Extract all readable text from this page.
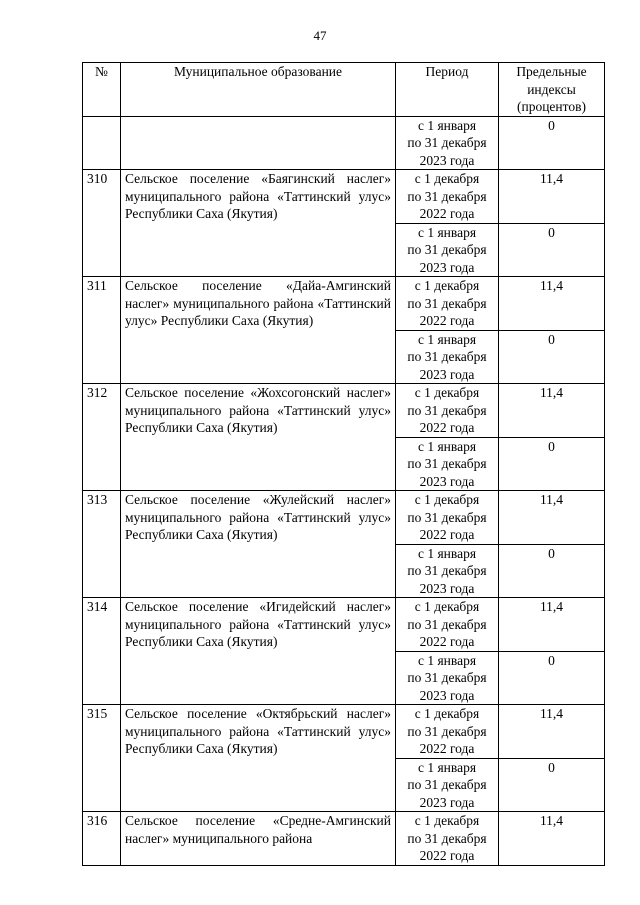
47
№	Муниципальное образование	Период	Предельные индексы (процентов)

		с 1 января
по 31 декабря
2023 года	0
310	Сельское поселение «Баягинский наслег» муниципального района «Таттинский улус» Республики Саха (Якутия)	с 1 декабря
по 31 декабря
2022 года	11,4

		с 1 января
по 31 декабря
2023 года	0
311	Сельское поселение «Дайа-Амгинский наслег» муниципального района «Таттинский улус» Республики Саха (Якутия)	с 1 декабря
по 31 декабря
2022 года	11,4

		с 1 января
по 31 декабря
2023 года	0
312	Сельское поселение «Жохсогонский наслег» муниципального района «Таттинский улус» Республики Саха (Якутия)	с 1 декабря
по 31 декабря
2022 года	11,4

		с 1 января
по 31 декабря
2023 года	0
313	Сельское поселение «Жулейский наслег» муниципального района «Таттинский улус» Республики Саха (Якутия)	с 1 декабря
по 31 декабря
2022 года	11,4

		с 1 января
по 31 декабря
2023 года	0
314	Сельское поселение «Игидейский наслег» муниципального района «Таттинский улус» Республики Саха (Якутия)	с 1 декабря
по 31 декабря
2022 года	11,4

		с 1 января
по 31 декабря
2023 года	0
315	Сельское поселение «Октябрьский наслег» муниципального района «Таттинский улус» Республики Саха (Якутия)	с 1 декабря
по 31 декабря
2022 года	11,4

		с 1 января
по 31 декабря
2023 года	0
316	Сельское поселение «Средне-Амгинский наслег» муниципального района	с 1 декабря
по 31 декабря
2022 года	11,4
